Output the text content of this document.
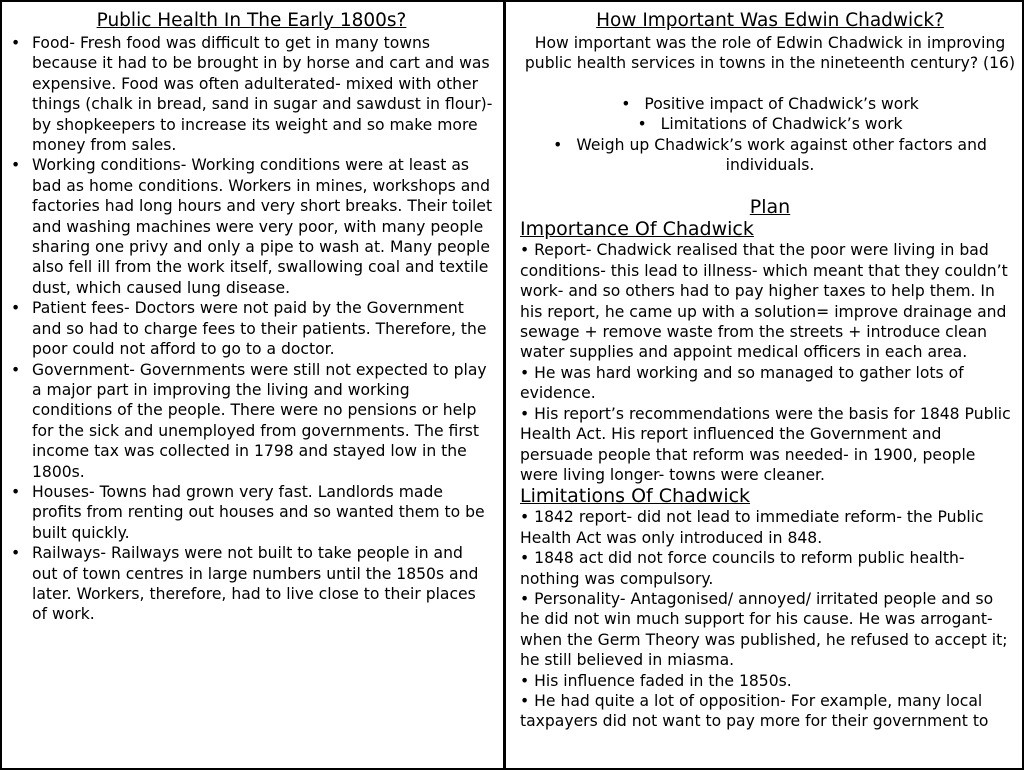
Public Health In The Early 1800s?
• Food- Fresh food was difficult to get in many towns because it had to be brought in by horse and cart and was expensive. Food was often adulterated- mixed with other things (chalk in bread, sand in sugar and sawdust in flour)- by shopkeepers to increase its weight and so make more money from sales.
• Working conditions- Working conditions were at least as bad as home conditions. Workers in mines, workshops and factories had long hours and very short breaks. Their toilet and washing machines were very poor, with many people sharing one privy and only a pipe to wash at. Many people also fell ill from the work itself, swallowing coal and textile dust, which caused lung disease.
• Patient fees- Doctors were not paid by the Government and so had to charge fees to their patients. Therefore, the poor could not afford to go to a doctor.
• Government- Governments were still not expected to play a major part in improving the living and working conditions of the people. There were no pensions or help for the sick and unemployed from governments. The first income tax was collected in 1798 and stayed low in the 1800s.
• Houses- Towns had grown very fast. Landlords made profits from renting out houses and so wanted them to be built quickly.
• Railways- Railways were not built to take people in and out of town centres in large numbers until the 1850s and later. Workers, therefore, had to live close to their places of work.
How Important Was Edwin Chadwick?
How important was the role of Edwin Chadwick in improving public health services in towns in the nineteenth century? (16)
• Positive impact of Chadwick’s work
• Limitations of Chadwick’s work
• Weigh up Chadwick’s work against other factors and individuals.
Plan
Importance Of Chadwick
• Report- Chadwick realised that the poor were living in bad conditions- this lead to illness- which meant that they couldn’t work- and so others had to pay higher taxes to help them. In his report, he came up with a solution= improve drainage and sewage + remove waste from the streets + introduce clean water supplies and appoint medical officers in each area.
• He was hard working and so managed to gather lots of evidence.
• His report’s recommendations were the basis for 1848 Public Health Act. His report influenced the Government and persuade people that reform was needed- in 1900, people were living longer- towns were cleaner.
Limitations Of Chadwick
• 1842 report- did not lead to immediate reform- the Public Health Act was only introduced in 848.
• 1848 act did not force councils to reform public health- nothing was compulsory.
• Personality- Antagonised/ annoyed/ irritated people and so he did not win much support for his cause. He was arrogant- when the Germ Theory was published, he refused to accept it; he still believed in miasma.
• His influence faded in the 1850s.
• He had quite a lot of opposition- For example, many local taxpayers did not want to pay more for their government to
